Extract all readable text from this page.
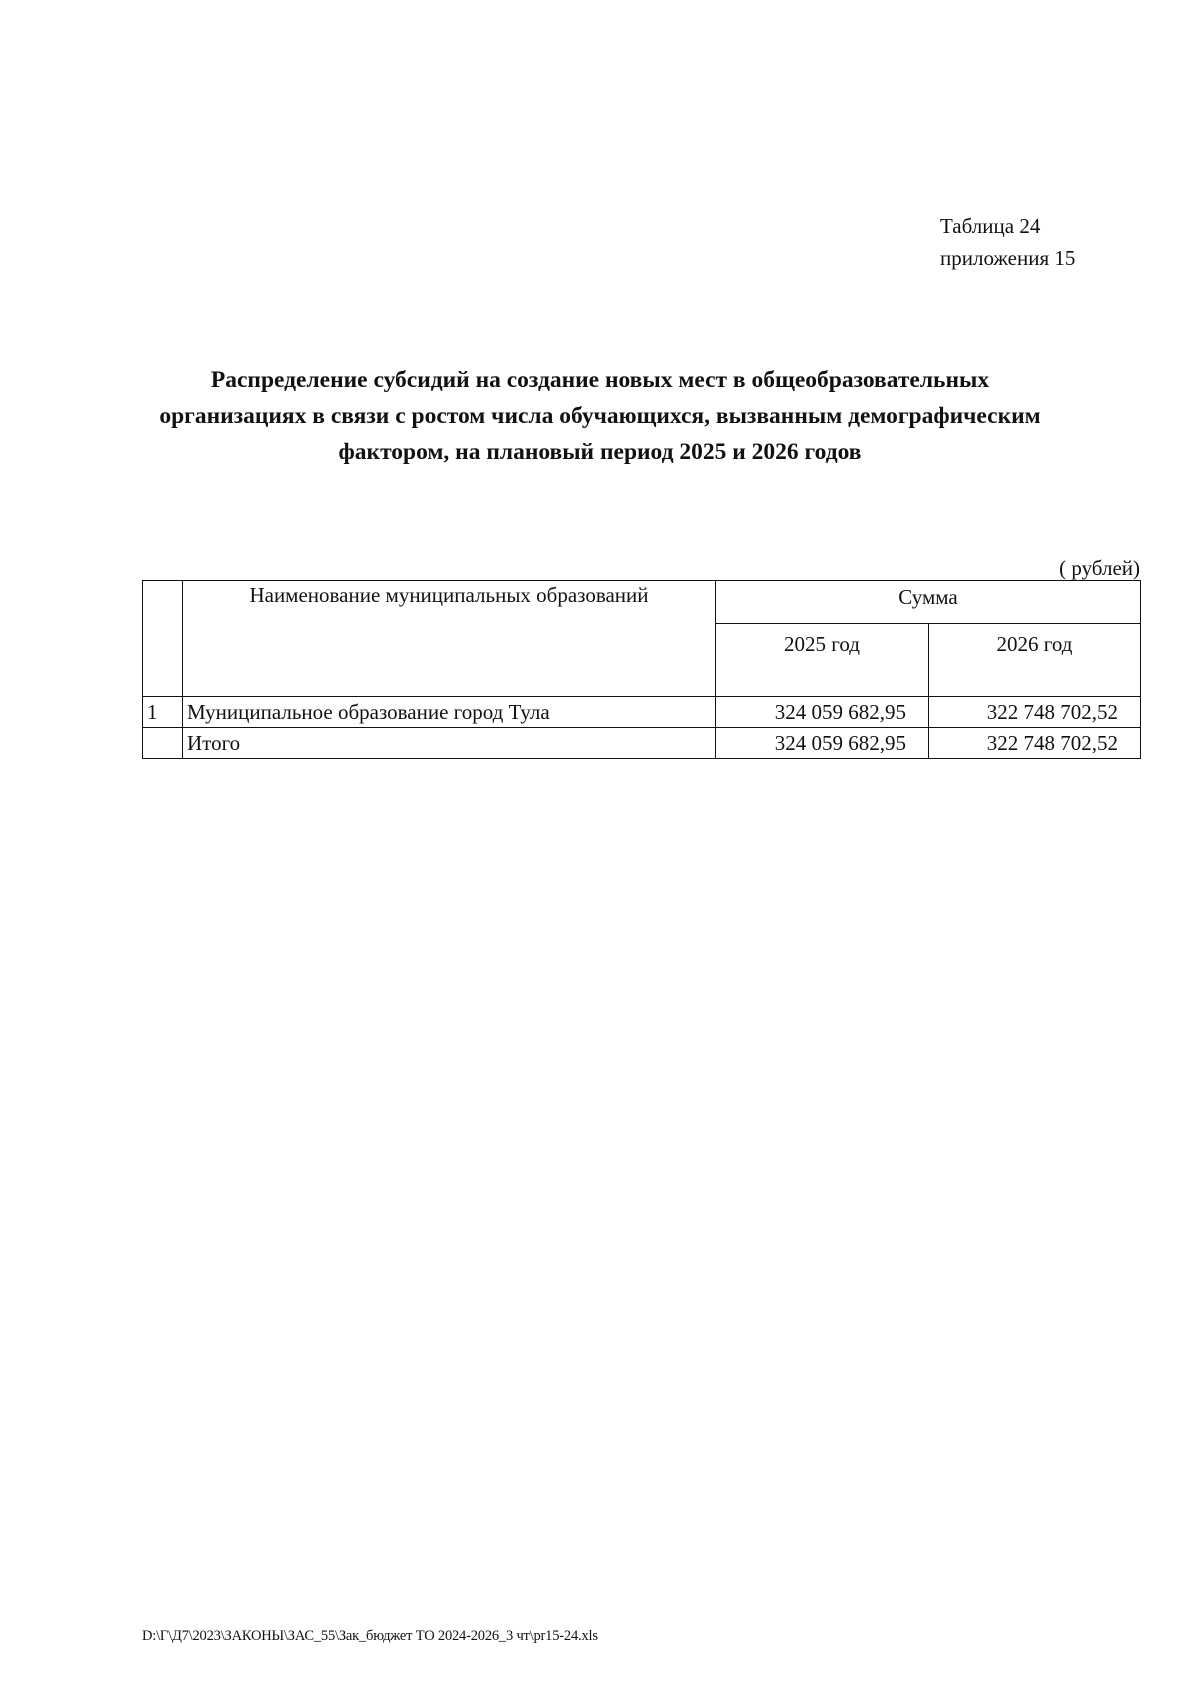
Таблица 24
приложения 15
Распределение субсидий на создание новых мест в общеобразовательных
организациях в связи с ростом числа обучающихся, вызванным демографическим
фактором, на плановый период 2025 и 2026 годов
( рублей)
	Наименование муниципальных образований	Сумма	
		2025 год	2026 год
1	Муниципальное образование город Тула	324 059 682,95	322 748 702,52
	Итого	324 059 682,95	322 748 702,52
D:\Г\Д7\2023\ЗАКОНЫ\ЗАС_55\Зак_бюджет ТО 2024-2026_3 чт\pr15-24.xls
